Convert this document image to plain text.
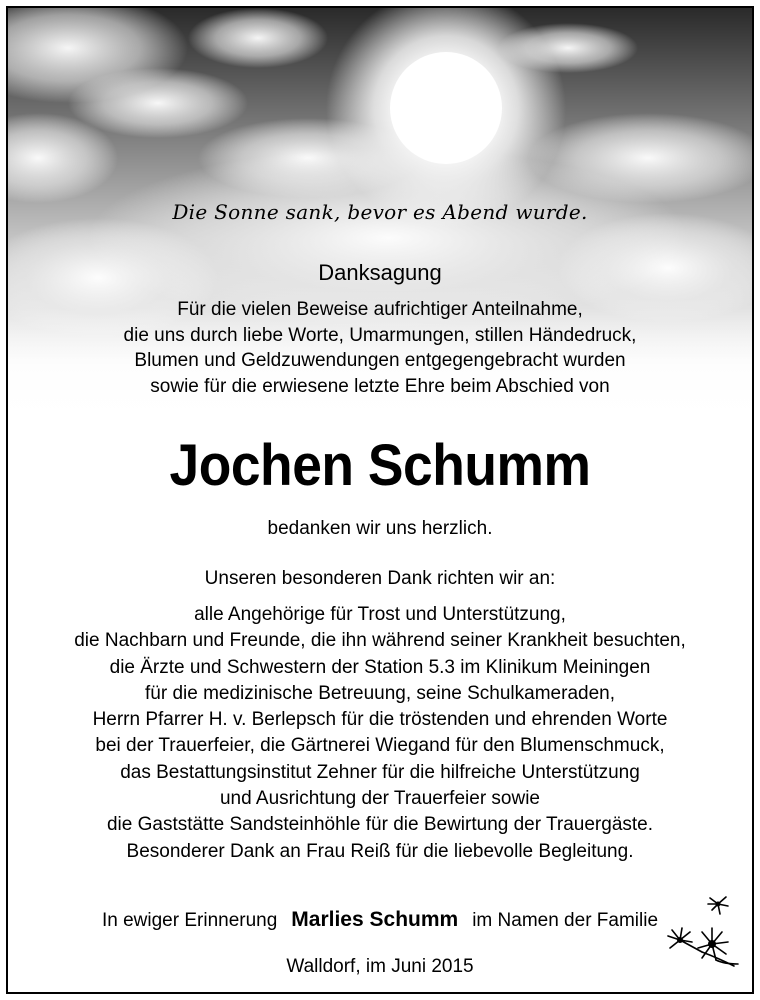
Die Sonne sank, bevor es Abend wurde.
Danksagung
Für die vielen Beweise aufrichtiger Anteilnahme,
die uns durch liebe Worte, Umarmungen, stillen Händedruck,
Blumen und Geldzuwendungen entgegengebracht wurden
sowie für die erwiesene letzte Ehre beim Abschied von
Jochen Schumm
bedanken wir uns herzlich.
Unseren besonderen Dank richten wir an:
alle Angehörige für Trost und Unterstützung,
die Nachbarn und Freunde, die ihn während seiner Krankheit besuchten,
die Ärzte und Schwestern der Station 5.3 im Klinikum Meiningen
für die medizinische Betreuung, seine Schulkameraden,
Herrn Pfarrer H. v. Berlepsch für die tröstenden und ehrenden Worte
bei der Trauerfeier, die Gärtnerei Wiegand für den Blumenschmuck,
das Bestattungsinstitut Zehner für die hilfreiche Unterstützung
und Ausrichtung der Trauerfeier sowie
die Gaststätte Sandsteinhöhle für die Bewirtung der Trauergäste.
Besonderer Dank an Frau Reiß für die liebevolle Begleitung.
In ewiger Erinnerung Marlies Schumm im Namen der Familie
Walldorf, im Juni 2015
